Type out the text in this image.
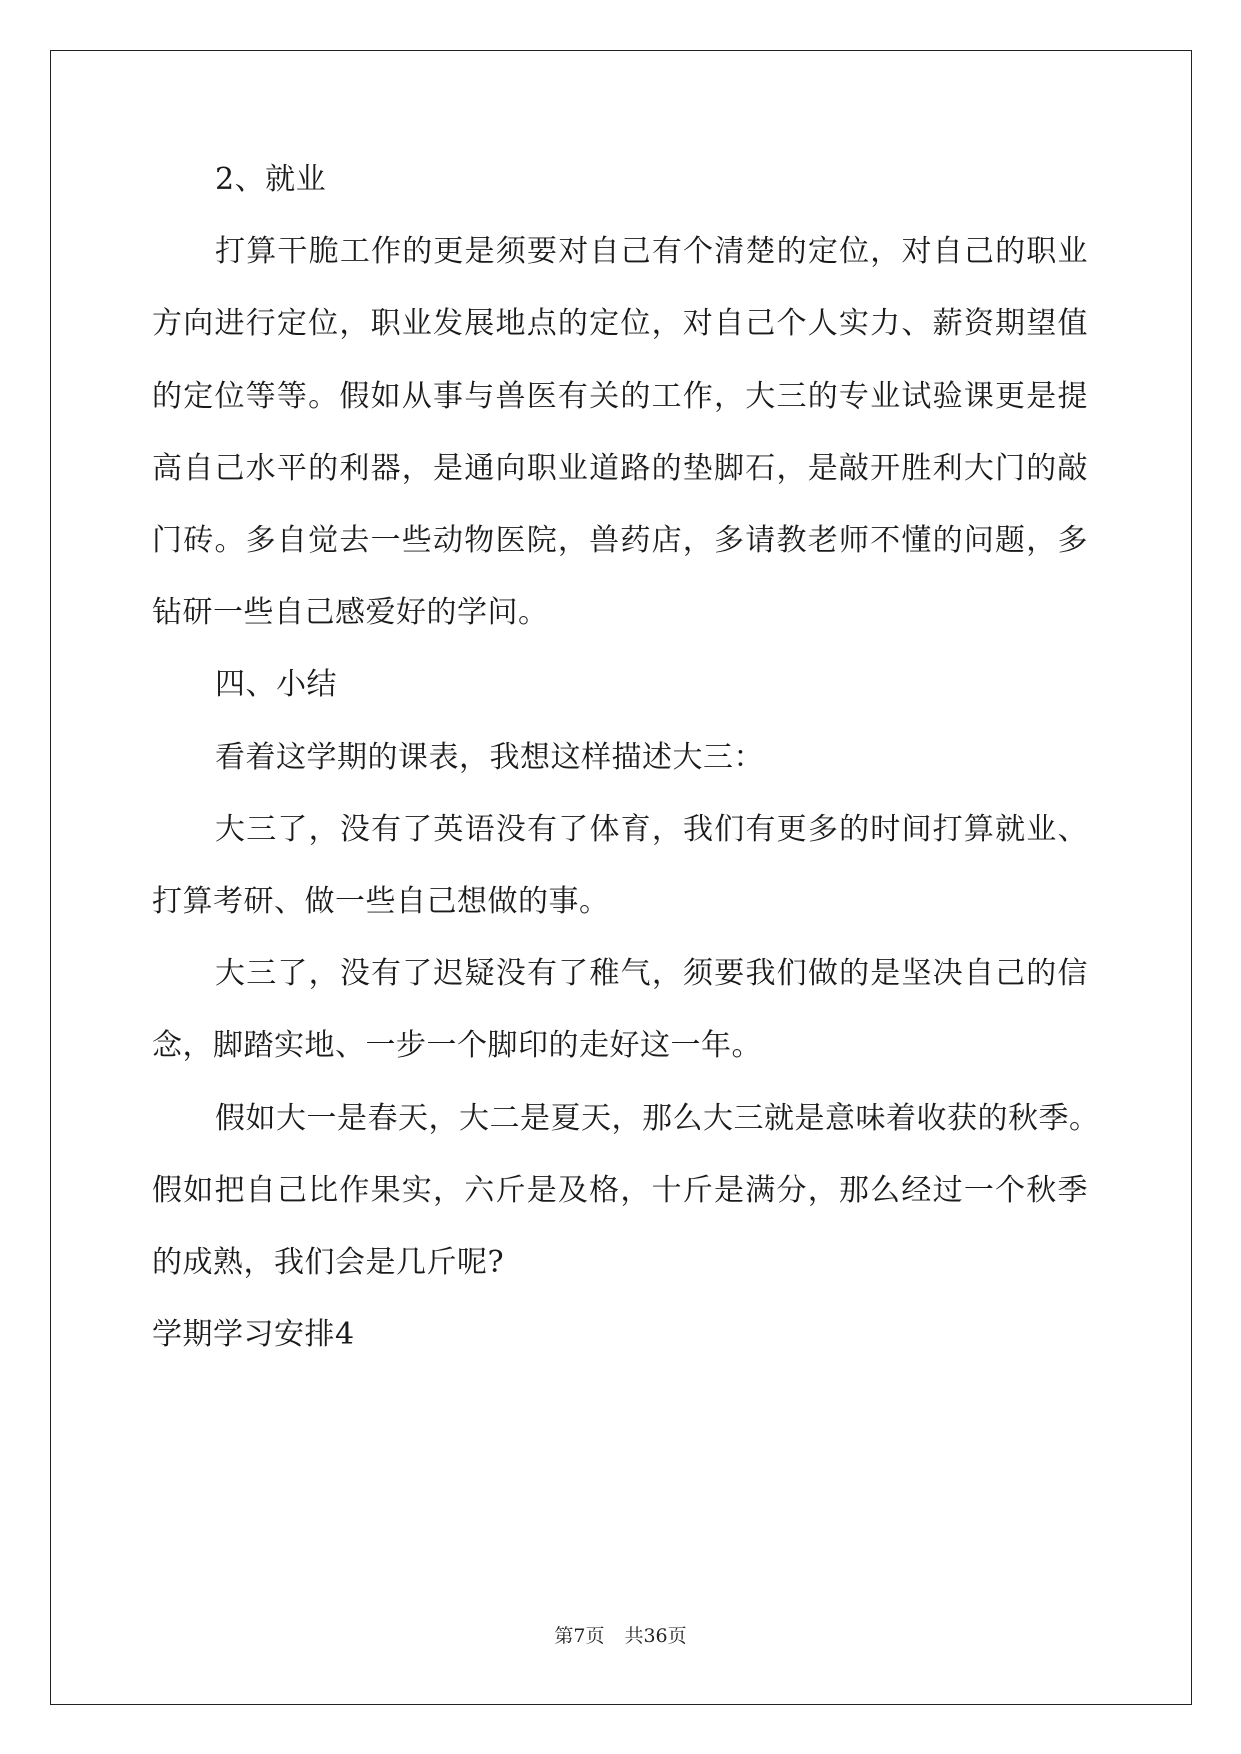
2、就业
打算干脆工作的更是须要对自己有个清楚的定位，对自己的职业
方向进行定位，职业发展地点的定位，对自己个人实力、薪资期望值
的定位等等。假如从事与兽医有关的工作，大三的专业试验课更是提
高自己水平的利器，是通向职业道路的垫脚石，是敲开胜利大门的敲
门砖。多自觉去一些动物医院，兽药店，多请教老师不懂的问题，多
钻研一些自己感爱好的学问。
四、小结
看着这学期的课表，我想这样描述大三：
大三了，没有了英语没有了体育，我们有更多的时间打算就业、
打算考研、做一些自己想做的事。
大三了，没有了迟疑没有了稚气，须要我们做的是坚决自己的信
念，脚踏实地、一步一个脚印的走好这一年。
假如大一是春天，大二是夏天，那么大三就是意味着收获的秋季。
假如把自己比作果实，六斤是及格，十斤是满分，那么经过一个秋季
的成熟，我们会是几斤呢?
学期学习安排4
第7页 共36页
